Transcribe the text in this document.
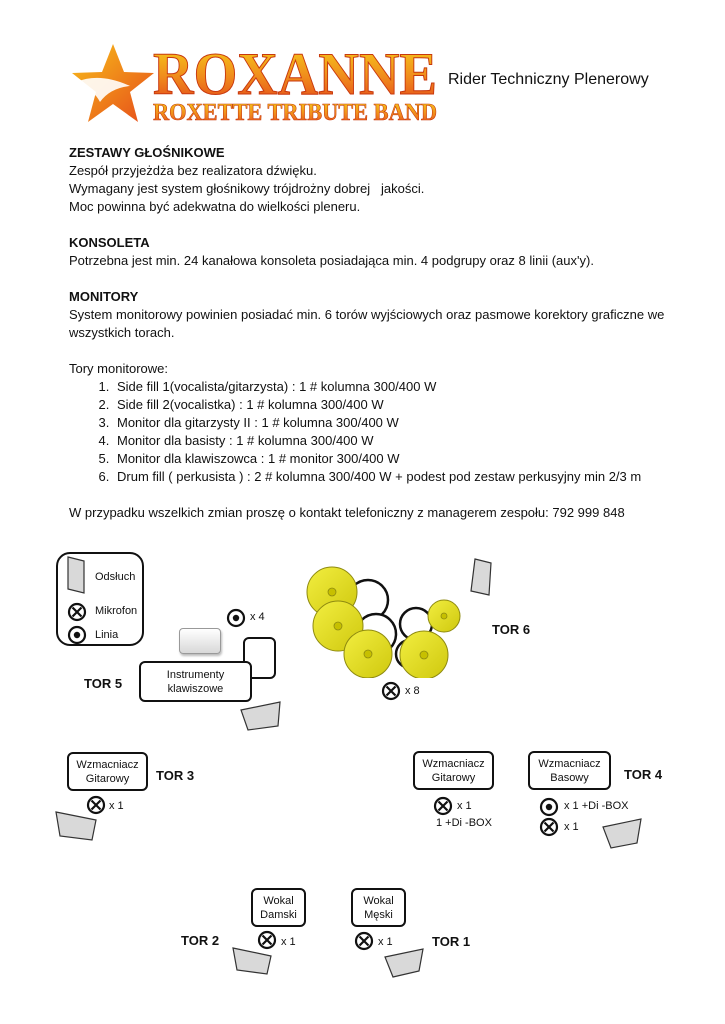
ROXANNE
ROXETTE TRIBUTE BAND
Rider Techniczny Plenerowy

ZESTAWY GŁOŚNIKOWE

Zespół przyjeżdża bez realizatora dźwięku.

Wymagany jest system głośnikowy trójdrożny dobrej   jakości.

Moc powinna być adekwatna do wielkości pleneru.

KONSOLETA

Potrzebna jest min. 24 kanałowa konsoleta posiadająca min. 4 podgrupy oraz 8 linii (aux'y).

MONITORY

System monitorowy powinien posiadać min. 6 torów wyjściowych oraz pasmowe korektory graficzne we wszystkich torach.

Tory monitorowe:

1. Side fill 1(vocalista/gitarzysta) : 1 # kolumna 300/400 W
2. Side fill 2(vocalistka) : 1 # kolumna 300/400 W
3. Monitor dla gitarzysty II : 1 # kolumna 300/400 W
4. Monitor dla basisty : 1 # kolumna 300/400 W
5. Monitor dla klawiszowca : 1 # monitor 300/400 W
6. Drum fill ( perkusista ) : 2 # kolumna 300/400 W + podest pod zestaw perkusyjny min 2/3 m

W przypadku wszelkich zmian proszę o kontakt telefoniczny z managerem zespołu: 792 999 848

Odsłuch
Mikrofon
Linia
x 4
Instrumenty klawiszowe
TOR 5
TOR 6
x 8
Wzmacniacz Gitarowy	TOR 3
x 1
Wzmacniacz Gitarowy
x 1
1 +Di -BOX
Wzmacniacz Basowy	TOR 4
x 1 +Di -BOX
x 1
Wokal Damski
TOR 2	x 1
Wokal Męski
x 1	TOR 1
